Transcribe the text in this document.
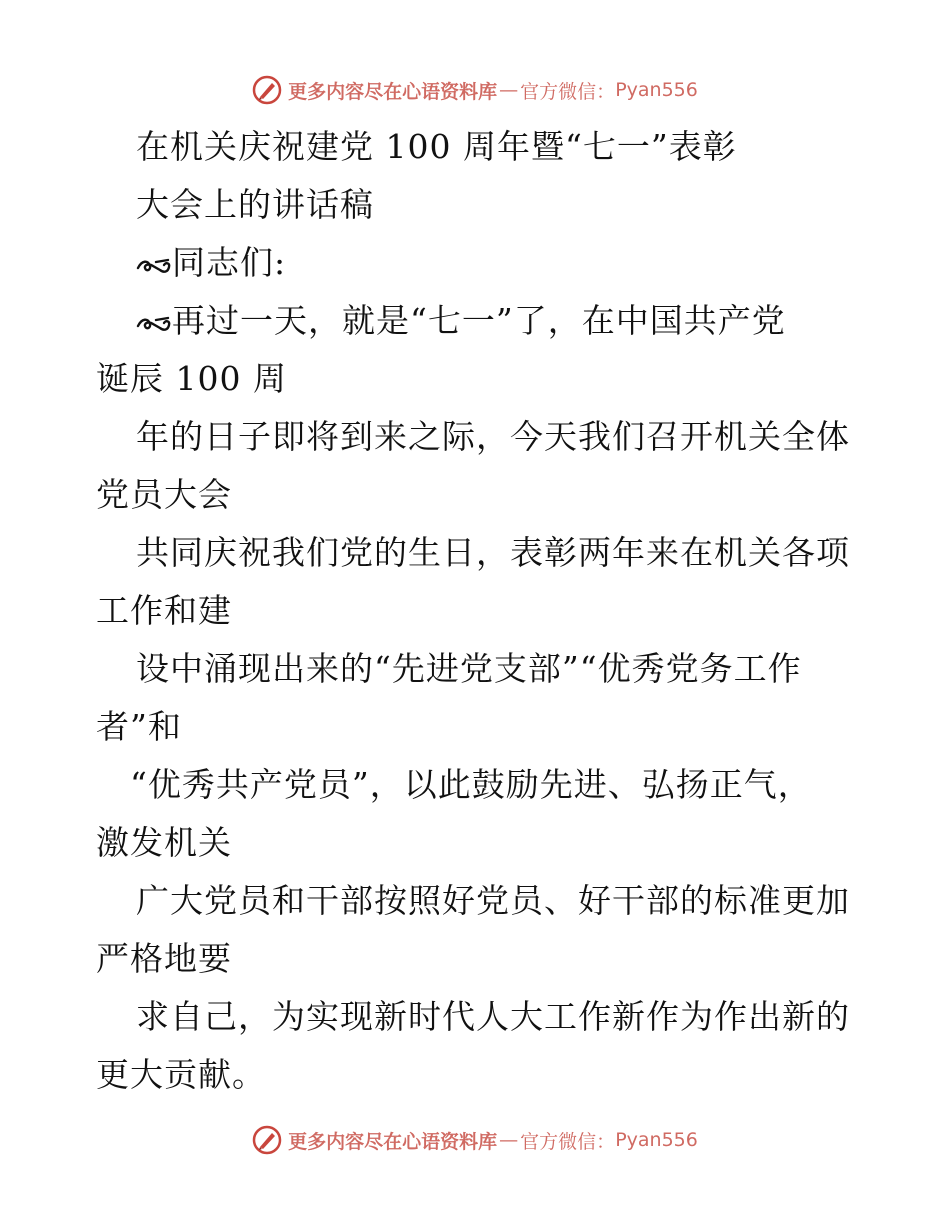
更多内容尽在心语资料库 — 官方微信： Pyan556
在机关庆祝建党 100 周年暨“七一”表彰
大会上的讲话稿
同志们:
再过一天，就是“七一”了，在中国共产党
诞辰 100 周
年的日子即将到来之际，今天我们召开机关全体
党员大会
共同庆祝我们党的生日，表彰两年来在机关各项
工作和建
设中涌现出来的“先进党支部”“优秀党务工作
者”和
“优秀共产党员”，以此鼓励先进、弘扬正气，
激发机关
广大党员和干部按照好党员、好干部的标准更加
严格地要
求自己，为实现新时代人大工作新作为作出新的
更大贡献。
更多内容尽在心语资料库 — 官方微信： Pyan556
